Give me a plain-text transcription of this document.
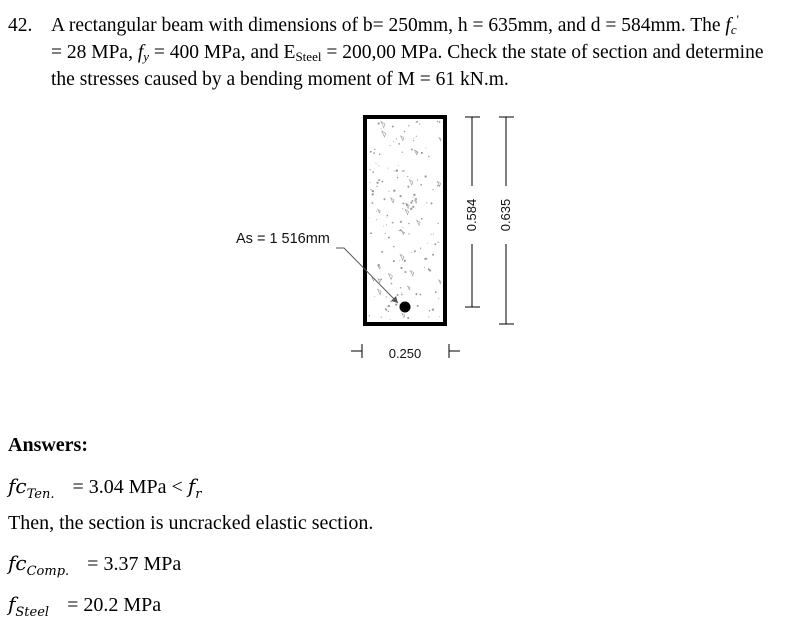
42. A rectangular beam with dimensions of b= 250mm, h = 635mm, and d = 584mm. The fc'
= 28 MPa, fy = 400 MPa, and ESteel = 200,00 MPa. Check the state of section and determine
the stresses caused by a bending moment of M = 61 kN.m.
As = 1 516mm
0.250
0.584 0.635
Answers:
$fc_{Ten.} = 3.04$ MPa < $f_r$
Then, the section is uncracked elastic section.
$fc_{Comp.} = 3.37$ MPa
$f_{Steel} = 20.2$ MPa
